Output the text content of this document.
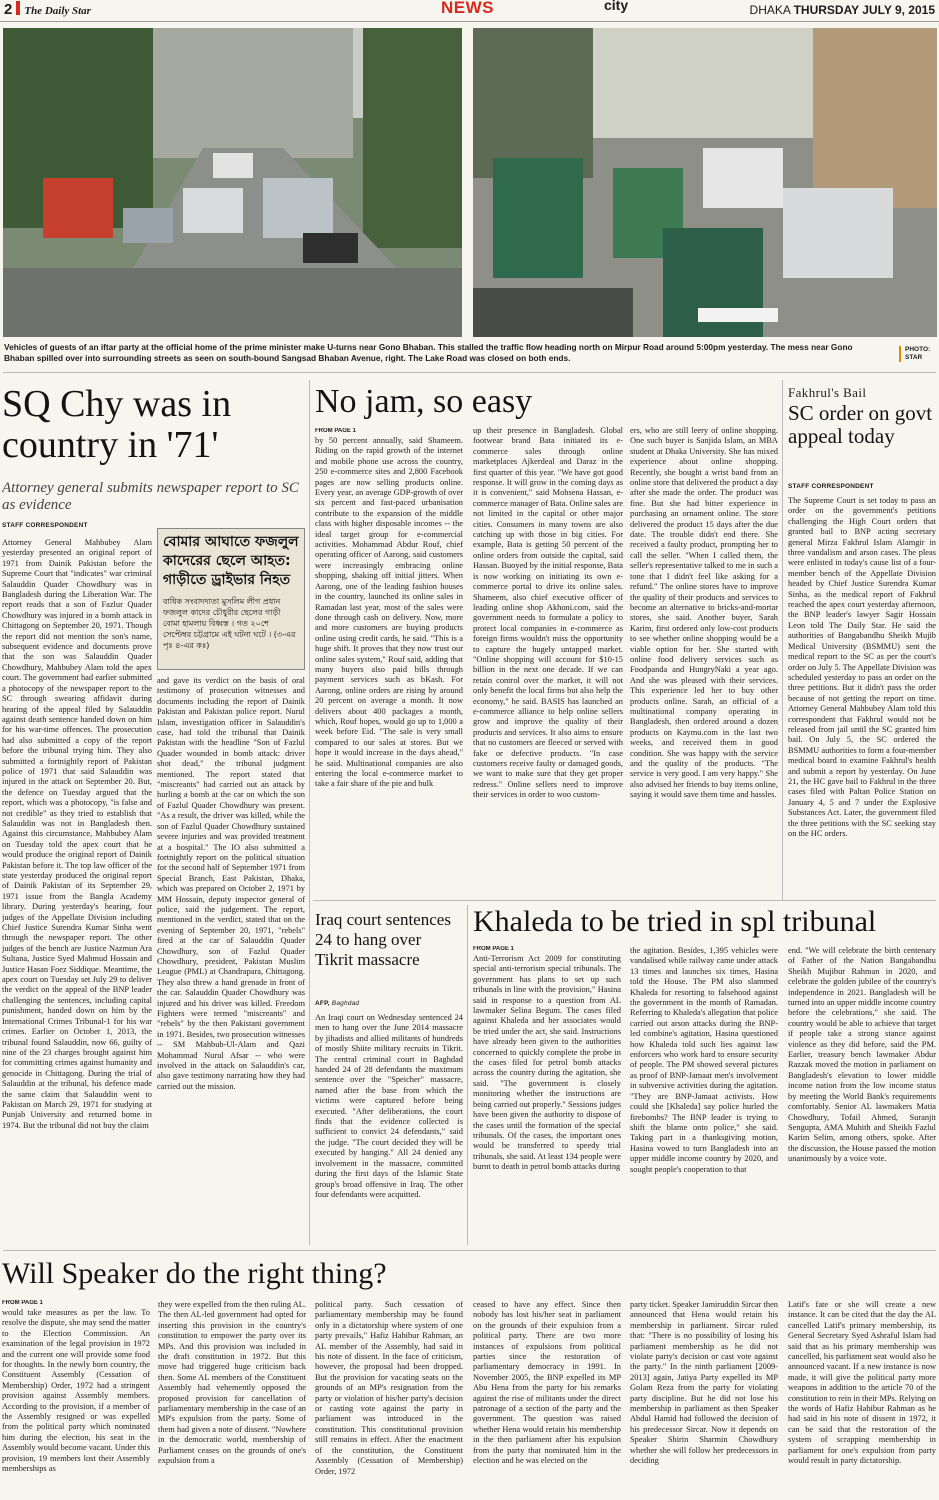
2 The Daily Star	NEWS	city	DHAKA THURSDAY JULY 9, 2015
Vehicles of guests of an iftar party at the official home of the prime minister make U-turns near Gono Bhaban. This stalled the traffic flow heading north on Mirpur Road around 5:00pm yesterday. The mess near Gono Bhaban spilled over into surrounding streets as seen on south-bound Sangsad Bhaban Avenue, right. The Lake Road was closed on both ends.
PHOTO: STAR
SQ Chy was in country in '71'
Attorney general submits newspaper report to SC as evidence
STAFF CORRESPONDENT
বোমার আঘাতে ফজলুল কাদেরের ছেলে আহত: গাড়ীতে ড্রাইভার নিহত
বাধিক সংবাদদাতা মুসলিম লীগ প্রধান ফজলুল কাদের চৌধুরীর ছেলের গাড়ী বোমা হামলায় বিধ্বস্ত । গত ২০শে সেপ্টেম্বর চট্টগ্রামে এই ঘটনা ঘটে । (৩-এর পৃঃ ৪-এর কঃ)
Attorney General Mahbubey Alam yesterday presented an original report of 1971 from Dainik Pakistan before the Supreme Court that "indicates" war criminal Salauddin Quader Chowdhury was in Bangladesh during the Liberation War. The report reads that a son of Fazlur Quader Chowdhury was injured in a bomb attack in Chittagong on September 20, 1971. Though the report did not mention the son's name, subsequent evidence and documents prove that the son was Salauddin Quader Chowdhury, Mahbubey Alam told the apex court. The government had earlier submitted a photocopy of the newspaper report to the SC through swearing affidavit during hearing of the appeal filed by Salauddin against death sentence handed down on him for his war-time offences. The prosecution had also submitted a copy of the report before the tribunal trying him. They also submitted a fortnightly report of Pakistan police of 1971 that said Salauddin was injured in the attack on September 20. But, the defence on Tuesday argued that the report, which was a photocopy, "is false and not credible" as they tried to establish that Salauddin was not in Bangladesh then. Against this circumstance, Mahbubey Alam on Tuesday told the apex court that he would produce the original report of Dainik Pakistan before it. The top law officer of the state yesterday produced the original report of Dainik Pakistan of its September 29, 1971 issue from the Bangla Academy library. During yesterday's hearing, four judges of the Appellate Division including Chief Justice Surendra Kumar Sinha went through the newspaper report. The other judges of the bench are Justice Nazmun Ara Sultana, Justice Syed Mahmud Hossain and Justice Hasan Foez Siddique. Meantime, the apex court on Tuesday set July 29 to deliver the verdict on the appeal of the BNP leader challenging the sentences, including capital punishment, handed down on him by the International Crimes Tribunal-1 for his war crimes. Earlier on October 1, 2013, the tribunal found Salauddin, now 66, guilty of nine of the 23 charges brought against him for committing crimes against humanity and genocide in Chittagong. During the trial of Salauddin at the tribunal, his defence made the same claim that Salauddin went to Pakistan on March 29, 1971 for studying at Punjab University and returned home in 1974. But the tribunal did not buy the claim
and gave its verdict on the basis of oral testimony of prosecution witnesses and documents including the report of Dainik Pakistan and Pakistan police report. Nurul Islam, investigation officer in Salauddin's case, had told the tribunal that Dainik Pakistan with the headline "Son of Fazlul Quader wounded in bomb attack: driver shot dead," the tribunal judgment mentioned. The report stated that "miscreants" had carried out an attack by hurling a bomb at the car on which the son of Fazlul Quader Chowdhury was present. "As a result, the driver was killed, while the son of Fazlul Quader Chowdhury sustained severe injuries and was provided treatment at a hospital." The IO also submitted a fortnightly report on the political situation for the second half of September 1971 from Special Branch, East Pakistan, Dhaka, which was prepared on October 2, 1971 by MM Hossain, deputy inspector general of police, said the judgement. The report, mentioned in the verdict, stated that on the evening of September 20, 1971, "rebels" fired at the car of Salauddin Quader Chowdhury, son of Fazlul Quader Chowdhury, president, Pakistan Muslim League (PML) at Chandrapara, Chittagong. They also threw a hand grenade in front of the car. Salauddin Quader Chowdhury was injured and his driver was killed. Freedom Fighters were termed "miscreants" and "rebels" by the then Pakistani government in 1971. Besides, two prosecution witnesses -- SM Mahbub-Ul-Alam and Qazi Mohammad Nurul Afsar -- who were involved in the attack on Salauddin's car, also gave testimony narrating how they had carried out the mission.
No jam, so easy
FROM PAGE 1
by 50 percent annually, said Shameem. Riding on the rapid growth of the internet and mobile phone use across the country, 250 e-commerce sites and 2,800 Facebook pages are now selling products online. Every year, an average GDP-growth of over six percent and fast-paced urbanisation contribute to the expansion of the middle class with higher disposable incomes -- the ideal target group for e-commercial activities. Mohammad Abdur Rouf, chief operating officer of Aarong, said customers were increasingly embracing online shopping, shaking off initial jitters. When Aarong, one of the leading fashion houses in the country, launched its online sales in Ramadan last year, most of the sales were done through cash on delivery. Now, more and more customers are buying products online using credit cards, he said. "This is a huge shift. It proves that they now trust our online sales system," Rouf said, adding that many buyers also paid bills through payment services such as bKash. For Aarong, online orders are rising by around 20 percent on average a month. It now delivers about 400 packages a month, which, Rouf hopes, would go up to 1,000 a week before Eid. "The sale is very small compared to our sales at stores. But we hope it would increase in the days ahead," he said. Multinational companies are also entering the local e-commerce market to take a fair share of the pie and bulk
up their presence in Bangladesh. Global footwear brand Bata initiated its e-commerce sales through online marketplaces Ajkerdeal and Daraz in the first quarter of this year. "We have got good response. It will grow in the coming days as it is convenient," said Mohsena Hassan, e-commerce manager of Bata. Online sales are not limited in the capital or other major cities. Consumers in many towns are also catching up with those in big cities. For example, Bata is getting 50 percent of the online orders from outside the capital, said Hassan. Buoyed by the initial response, Bata is now working on initiating its own e-commerce portal to drive its online sales. Shameem, also chief executive officer of leading online shop Akhoni.com, said the government needs to formulate a policy to protect local companies in e-commerce as foreign firms wouldn't miss the opportunity to capture the hugely untapped market. "Online shopping will account for $10-15 billion in the next one decade. If we can retain control over the market, it will not only benefit the local firms but also help the economy," he said. BASIS has launched an e-commerce alliance to help online sellers grow and improve the quality of their products and services. It also aims to ensure that no customers are fleeced or served with fake or defective products. "In case customers receive faulty or damaged goods, we want to make sure that they get proper redress." Online sellers need to improve their services in order to woo custom-
ers, who are still leery of online shopping. One such buyer is Sanjida Islam, an MBA student at Dhaka University. She has mixed experience about online shopping. Recently, she bought a wrist band from an online store that delivered the product a day after she made the order. The product was fine. But she had bitter experience in purchasing an ornament online. The store delivered the product 15 days after the due date. The trouble didn't end there. She received a faulty product, prompting her to call the seller. "When I called them, the seller's representative talked to me in such a tone that I didn't feel like asking for a refund." The online stores have to improve the quality of their products and services to become an alternative to bricks-and-mortar stores, she said. Another buyer, Sarah Karim, first ordered only low-cost products to see whether online shopping would be a viable option for her. She started with online food delivery services such as Foodpanda and HungryNaki a year ago. And she was pleased with their services. This experience led her to buy other products online. Sarah, an official of a multinational company operating in Bangladesh, then ordered around a dozen products on Kaymu.com in the last two weeks, and received them in good condition. She was happy with the service and the quality of the products. "The service is very good. I am very happy." She also advised her friends to buy items online, saying it would save them time and hassles.
Fakhrul's Bail
SC order on govt appeal today
STAFF CORRESPONDENT
The Supreme Court is set today to pass an order on the government's petitions challenging the High Court orders that granted bail to BNP acting secretary general Mirza Fakhrul Islam Alamgir in three vandalism and arson cases. The pleas were enlisted in today's cause list of a four-member bench of the Appellate Division headed by Chief Justice Surendra Kumar Sinha, as the medical report of Fakhrul reached the apex court yesterday afternoon, the BNP leader's lawyer Sagir Hossain Leon told The Daily Star. He said the authorities of Bangabandhu Sheikh Mujib Medical University (BSMMU) sent the medical report to the SC as per the court's order on July 5. The Appellate Division was scheduled yesterday to pass an order on the three petitions. But it didn't pass the order because of not getting the report on time. Attorney General Mahbubey Alam told this correspondent that Fakhrul would not be released from jail until the SC granted him bail. On July 5, the SC ordered the BSMMU authorities to form a four-member medical board to examine Fakhrul's health and submit a report by yesterday. On June 21, the HC gave bail to Fakhrul in the three cases filed with Paltan Police Station on January 4, 5 and 7 under the Explosive Substances Act. Later, the government filed the three petitions with the SC seeking stay on the HC orders.
Iraq court sentences 24 to hang over Tikrit massacre
AFP, Baghdad
An Iraqi court on Wednesday sentenced 24 men to hang over the June 2014 massacre by jihadists and allied militants of hundreds of mostly Shiite military recruits in Tikrit. The central criminal court in Baghdad handed 24 of 28 defendants the maximum sentence over the "Speicher" massacre, named after the base from which the victims were captured before being executed. "After deliberations, the court finds that the evidence collected is sufficient to convict 24 defendants," said the judge. "The court decided they will be executed by hanging." All 24 denied any involvement in the massacre, committed during the first days of the Islamic State group's broad offensive in Iraq. The other four defendants were acquitted.
Khaleda to be tried in spl tribunal
FROM PAGE 1
Anti-Terrorism Act 2009 for constituting special anti-terrorism special tribunals. The government has plans to set up such tribunals in line with the provision," Hasina said in response to a question from AL lawmaker Selina Begum. The cases filed against Khaleda and her associates would be tried under the act, she said. Instructions have already been given to the authorities concerned to quickly complete the probe in the cases filed for petrol bomb attacks across the country during the agitation, she said. "The government is closely monitoring whether the instructions are being carried out properly." Sessions judges have been given the authority to dispose of the cases until the formation of the special tribunals. Of the cases, the important ones would be transferred to speedy trial tribunals, she said. At least 134 people were burnt to death in petrol bomb attacks during
the agitation. Besides, 1,395 vehicles were vandalised while railway came under attack 13 times and launches six times, Hasina told the House. The PM also slammed Khaleda for resorting to falsehood against the government in the month of Ramadan. Referring to Khaleda's allegation that police carried out arson attacks during the BNP-led combine's agitation, Hasina questioned how Khaleda told such lies against law enforcers who work hard to ensure security of people. The PM showed several pictures as proof of BNP-Jamaat men's involvement in subversive activities during the agitation. "They are BNP-Jamaat activists. How could she [Khaleda] say police hurled the firebombs? The BNP leader is trying to shift the blame onto police," she said. Taking part in a thanksgiving motion, Hasina vowed to turn Bangladesh into an upper middle income country by 2020, and sought people's cooperation to that
end. "We will celebrate the birth centenary of Father of the Nation Bangabandhu Sheikh Mujibur Rahman in 2020, and celebrate the golden jubilee of the country's independence in 2021. Bangladesh will be turned into an upper middle income country before the celebrations," she said. The country would be able to achieve that target if people take a strong stance against violence as they did before, said the PM. Earlier, treasury bench lawmaker Abdur Razzak moved the motion in parliament on Bangladesh's elevation to lower middle income nation from the low income status by meeting the World Bank's requirements comfortably. Senior AL lawmakers Matia Chowdhury, Tofail Ahmed, Suranjit Sengupta, AMA Muhith and Sheikh Fazlul Karim Selim, among others, spoke. After the discussion, the House passed the motion unanimously by a voice vote.
Will Speaker do the right thing?
FROM PAGE 1
would take measures as per the law. To resolve the dispute, she may send the matter to the Election Commission. An examination of the legal provision in 1972 and the current one will provide some food for thoughts. In the newly born country, the Constituent Assembly (Cessation of Membership) Order, 1972 had a stringent provision against Assembly members. According to the provision, if a member of the Assembly resigned or was expelled from the political party which nominated him during the election, his seat in the Assembly would become vacant. Under this provision, 19 members lost their Assembly memberships as
they were expelled from the then ruling AL. The then AL-led government had opted for inserting this provision in the country's constitution to empower the party over its MPs. And this provision was included in the draft constitution in 1972. But this move had triggered huge criticism back then. Some AL members of the Constituent Assembly had vehemently opposed the proposed provision for cancellation of parliamentary membership in the case of an MP's expulsion from the party. Some of them had given a note of dissent. "Nowhere in the democratic world, membership of Parliament ceases on the grounds of one's expulsion from a
political party. Such cessation of parliamentary membership may be found only in a dictatorship where system of one party prevails," Hafiz Habibur Rahman, an AL member of the Assembly, had said in his note of dissent. In the face of criticism, however, the proposal had been dropped. But the provision for vacating seats on the grounds of an MP's resignation from the party or violation of his/her party's decision or casting vote against the party in parliament was introduced in the constitution. This constitutional provision still remains in effect. After the enactment of the constitution, the Constituent Assembly (Cessation of Membership) Order, 1972
ceased to have any effect. Since then nobody has lost his/her seat in parliament on the grounds of their expulsion from a political party. There are two more instances of expulsions from political parties since the restoration of parliamentary democracy in 1991. In November 2005, the BNP expelled its MP Abu Hena from the party for his remarks against the rise of militants under the direct patronage of a section of the party and the government. The question was raised whether Hena would retain his membership in the then parliament after his expulsion from the party that nominated him in the election and he was elected on the
party ticket. Speaker Jamiruddin Sircar then announced that Hena would retain his membership in parliament. Sircar ruled that: "There is no possibility of losing his parliament membership as he did not violate party's decision or cast vote against the party." In the ninth parliament [2009-2013] again, Jatiya Party expelled its MP Golam Reza from the party for violating party discipline. But he did not lose his membership in parliament as then Speaker Abdul Hamid had followed the decision of his predecessor Sircar. Now it depends on Speaker Shirin Sharmin Chowdhury whether she will follow her predecessors in deciding
Latif's fate or she will create a new instance. It can be cited that the day the AL cancelled Latif's primary membership, its General Secretary Syed Ashraful Islam had said that as his primary membership was cancelled, his parliament seat would also be announced vacant. If a new instance is now made, it will give the political party more weapons in addition to the article 70 of the constitution to rein in their MPs. Relying on the words of Hafiz Habibur Rahman as he had said in his note of dissent in 1972, it can be said that the restoration of the system of scrapping membership in parliament for one's expulsion from party would result in party dictatorship.
